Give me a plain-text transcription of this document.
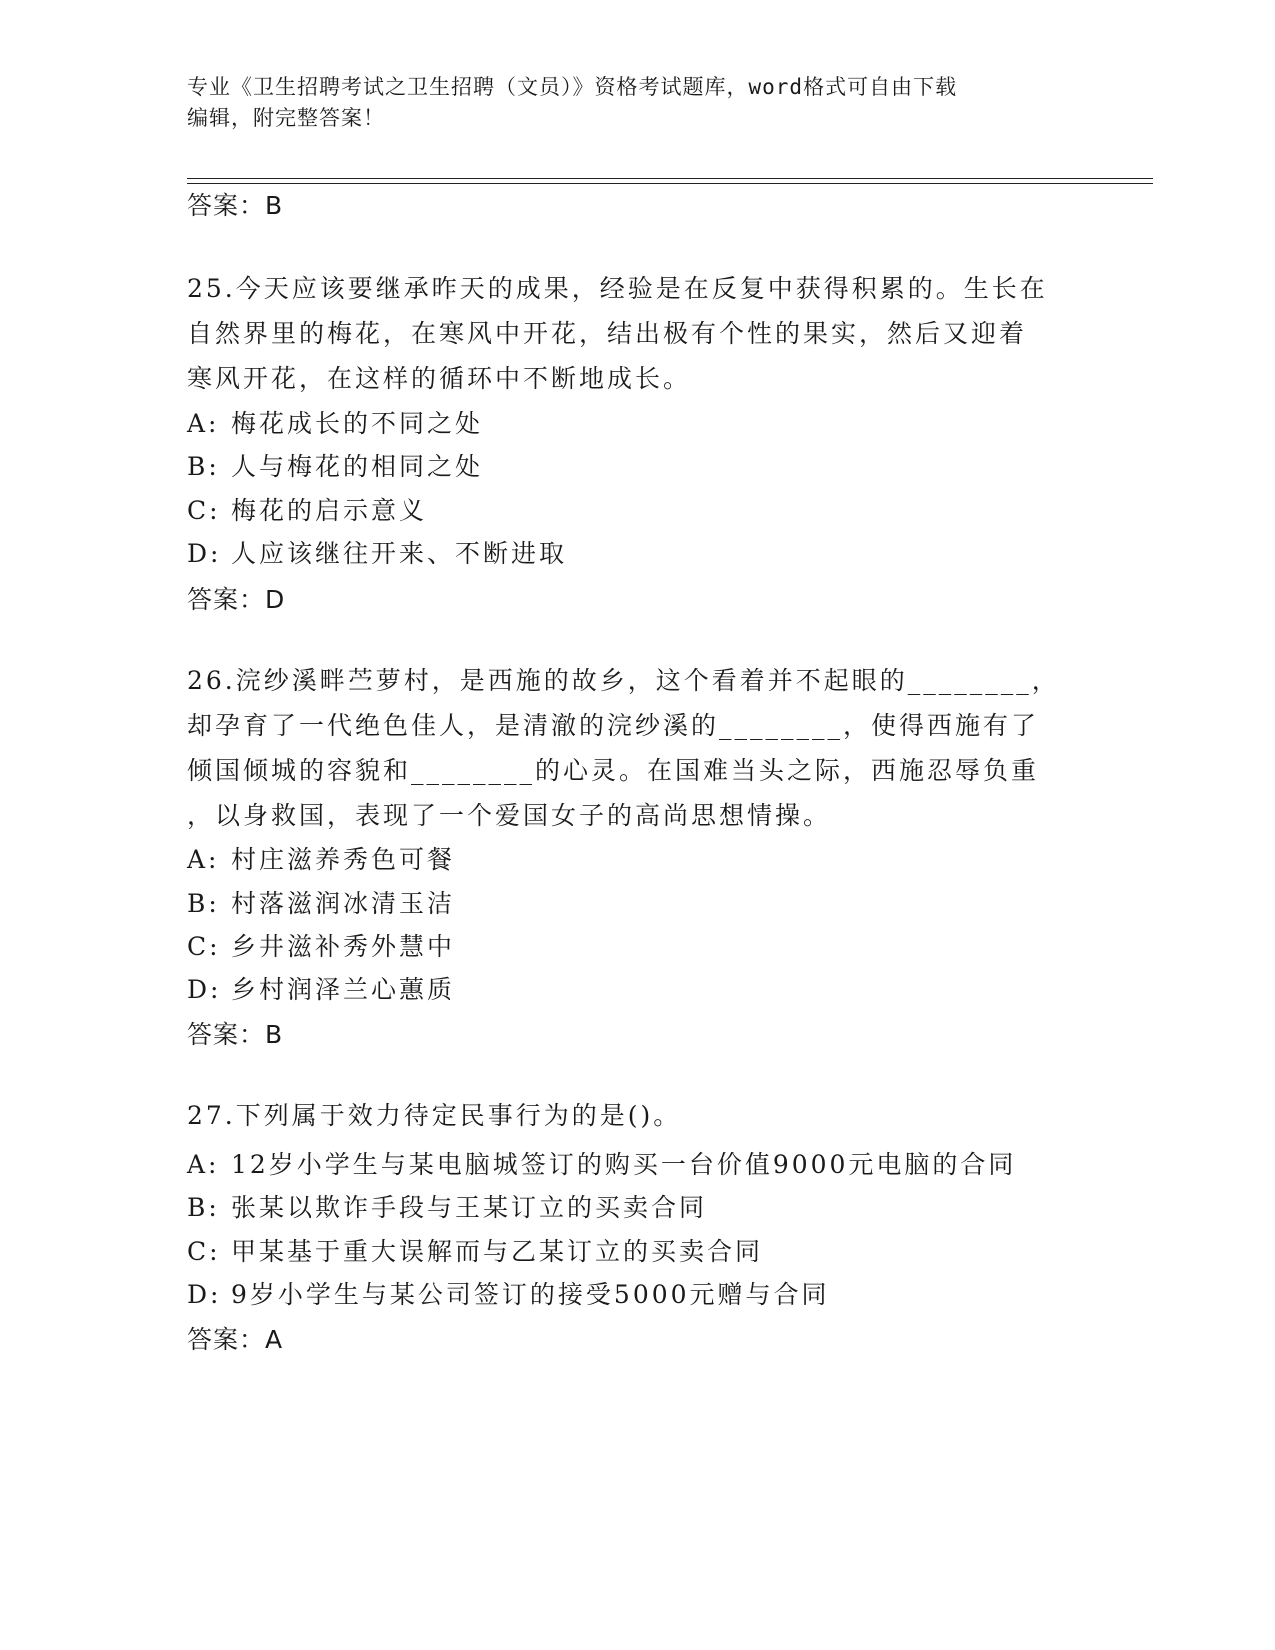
专业《卫生招聘考试之卫生招聘（文员）》资格考试题库，word格式可自由下载
编辑，附完整答案！
答案：B
25.今天应该要继承昨天的成果，经验是在反复中获得积累的。生长在
自然界里的梅花，在寒风中开花，结出极有个性的果实，然后又迎着
寒风开花，在这样的循环中不断地成长。
A: 梅花成长的不同之处
B: 人与梅花的相同之处
C: 梅花的启示意义
D: 人应该继往开来、不断进取
答案：D
26.浣纱溪畔苎萝村，是西施的故乡，这个看着并不起眼的________，
却孕育了一代绝色佳人，是清澈的浣纱溪的________，使得西施有了
倾国倾城的容貌和________的心灵。在国难当头之际，西施忍辱负重
，以身救国，表现了一个爱国女子的高尚思想情操。
A: 村庄滋养秀色可餐
B: 村落滋润冰清玉洁
C: 乡井滋补秀外慧中
D: 乡村润泽兰心蕙质
答案：B
27.下列属于效力待定民事行为的是()。
A: 12岁小学生与某电脑城签订的购买一台价值9000元电脑的合同
B: 张某以欺诈手段与王某订立的买卖合同
C: 甲某基于重大误解而与乙某订立的买卖合同
D: 9岁小学生与某公司签订的接受5000元赠与合同
答案：A
